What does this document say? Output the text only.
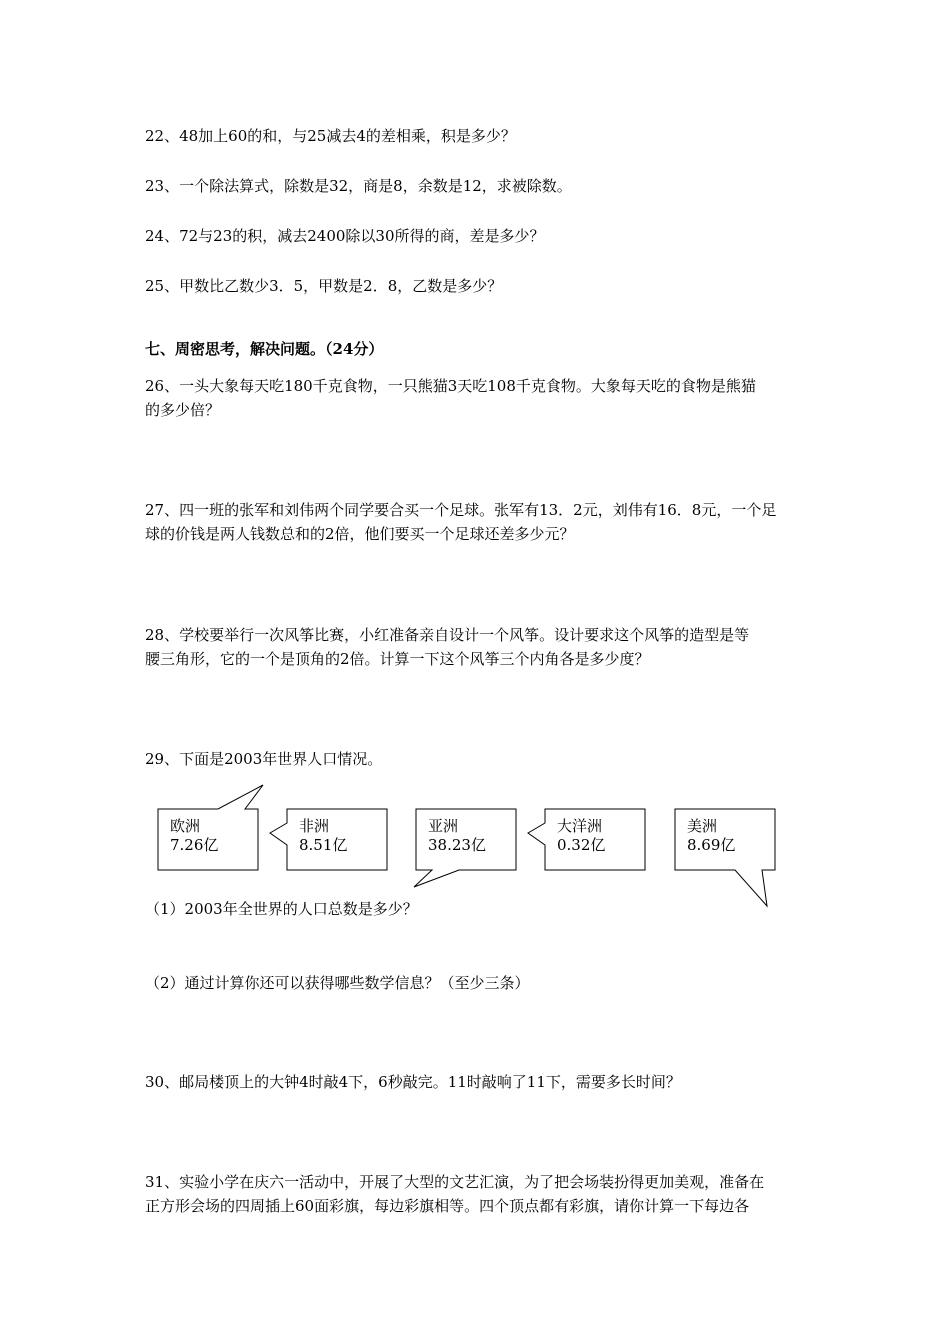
22、48加上60的和，与25减去4的差相乘，积是多少？
23、一个除法算式，除数是32，商是8，余数是12，求被除数。
24、72与23的积，减去2400除以30所得的商，差是多少？
25、甲数比乙数少3．5，甲数是2．8，乙数是多少？
七、周密思考，解决问题。（24分）
26、一头大象每天吃180千克食物，一只熊猫3天吃108千克食物。大象每天吃的食物是熊猫
的多少倍？
27、四一班的张军和刘伟两个同学要合买一个足球。张军有13．2元，刘伟有16．8元，一个足
球的价钱是两人钱数总和的2倍，他们要买一个足球还差多少元？
28、学校要举行一次风筝比赛，小红准备亲自设计一个风筝。设计要求这个风筝的造型是等
腰三角形，它的一个是顶角的2倍。计算一下这个风筝三个内角各是多少度？
29、下面是2003年世界人口情况。
欧洲
7.26亿
非洲
8.51亿
亚洲
38.23亿
大洋洲
0.32亿
美洲
8.69亿
（1）2003年全世界的人口总数是多少？
（2）通过计算你还可以获得哪些数学信息？（至少三条）
30、邮局楼顶上的大钟4时敲4下，6秒敲完。11时敲响了11下，需要多长时间？
31、实验小学在庆六一活动中，开展了大型的文艺汇演，为了把会场装扮得更加美观，准备在
正方形会场的四周插上60面彩旗，每边彩旗相等。四个顶点都有彩旗，请你计算一下每边各
